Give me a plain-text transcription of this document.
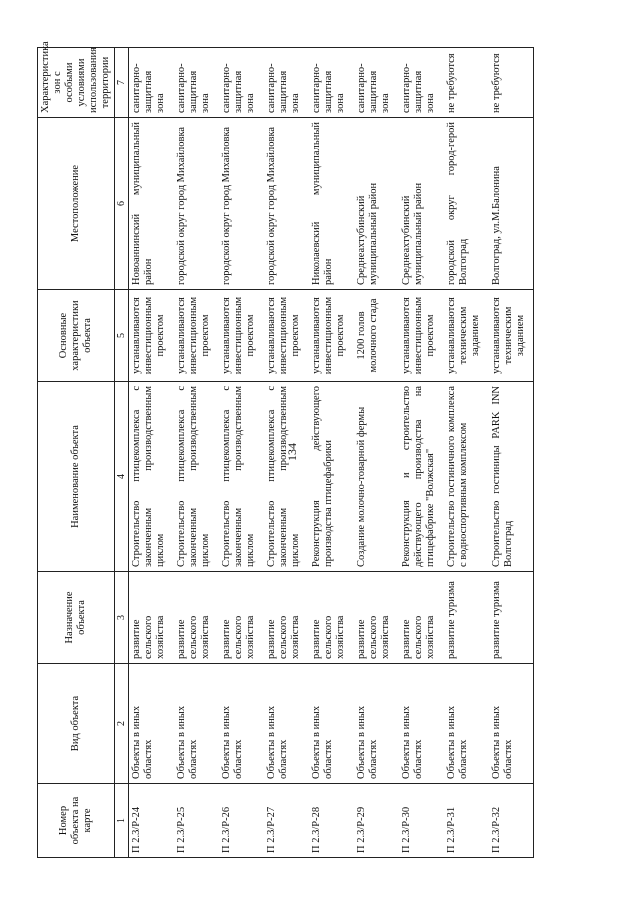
134
Номер объекта на карте	Вид объекта	Назначение объекта	Наименование объекта	Основные характеристики объекта	Местоположение	Характеристика зон с особыми условиями использования территории
1	2	3	4	5	6	7
П 2.3/Р-24	Объекты в иных областях	развитие сельского хозяйства	Строительство птицекомплекса с законченным производственным циклом	устанавливаются инвестиционным проектом	Новоаннинский муниципальный район	санитарно-защитная зона
П 2.3/Р-25	Объекты в иных областях	развитие сельского хозяйства	Строительство птицекомплекса с законченным производственным циклом	устанавливаются инвестиционным проектом	городской округ город Михайловка	санитарно-защитная зона
П 2.3/Р-26	Объекты в иных областях	развитие сельского хозяйства	Строительство птицекомплекса с законченным производственным циклом	устанавливаются инвестиционным проектом	городской округ город Михайловка	санитарно-защитная зона
П 2.3/Р-27	Объекты в иных областях	развитие сельского хозяйства	Строительство птицекомплекса с законченным производственным циклом	устанавливаются инвестиционным проектом	городской округ город Михайловка	санитарно-защитная зона
П 2.3/Р-28	Объекты в иных областях	развитие сельского хозяйства	Реконструкция действующего производства птицефабрики	устанавливаются инвестиционным проектом	Николаевский муниципальный район	санитарно-защитная зона
П 2.3/Р-29	Объекты в иных областях	развитие сельского хозяйства	Создание молочно-товарной фермы	1200 голов молочного стада	Среднеахтубинский муниципальный район	санитарно-защитная зона
П 2.3/Р-30	Объекты в иных областях	развитие сельского хозяйства	Реконструкция и строительство действующего производства на птицефабрике "Волжская"	устанавливаются инвестиционным проектом	Среднеахтубинский муниципальный район	санитарно-защитная зона
П 2.3/Р-31	Объекты в иных областях	развитие туризма	Строительство гостиничного комплекса с водноспортивным комплексом	устанавливаются техническим заданием	городской округ город-герой Волгоград	не требуются
П 2.3/Р-32	Объекты в иных областях	развитие туризма	Строительство гостиницы PARK INN Волгоград	устанавливаются техническим заданием	Волгоград, ул.М.Балонина	не требуются
